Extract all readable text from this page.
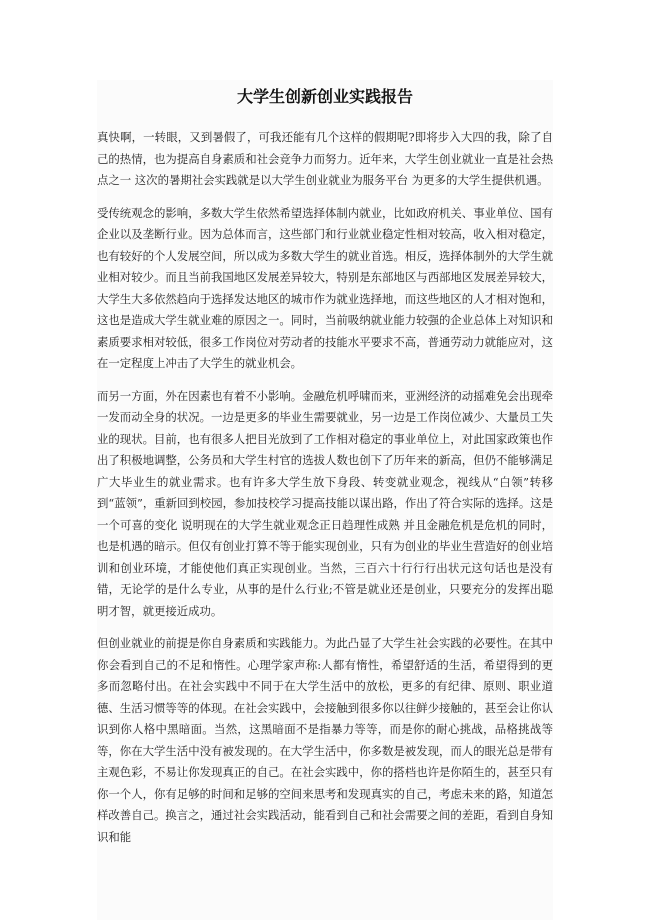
大学生创新创业实践报告

真快啊，一转眼，又到暑假了，可我还能有几个这样的假期呢?即将步入大四的我，除了自己的热情，也为提高自身素质和社会竞争力而努力。近年来，大学生创业就业一直是社会热点之一 这次的暑期社会实践就是以大学生创业就业为服务平台 为更多的大学生提供机遇。

受传统观念的影响，多数大学生依然希望选择体制内就业，比如政府机关、事业单位、国有企业以及垄断行业。因为总体而言，这些部门和行业就业稳定性相对较高，收入相对稳定，也有较好的个人发展空间，所以成为多数大学生的就业首选。相反，选择体制外的大学生就业相对较少。而且当前我国地区发展差异较大，特别是东部地区与西部地区发展差异较大，大学生大多依然趋向于选择发达地区的城市作为就业选择地，而这些地区的人才相对饱和，这也是造成大学生就业难的原因之一。同时，当前吸纳就业能力较强的企业总体上对知识和素质要求相对较低，很多工作岗位对劳动者的技能水平要求不高，普通劳动力就能应对，这在一定程度上冲击了大学生的就业机会。

而另一方面，外在因素也有着不小影响。金融危机呼啸而来，亚洲经济的动摇难免会出现牵一发而动全身的状况。一边是更多的毕业生需要就业，另一边是工作岗位减少、大量员工失业的现状。目前，也有很多人把目光放到了工作相对稳定的事业单位上，对此国家政策也作出了积极地调整，公务员和大学生村官的选拔人数也创下了历年来的新高，但仍不能够满足广大毕业生的就业需求。也有许多大学生放下身段、转变就业观念，视线从“白领”转移到“蓝领”，重新回到校园，参加技校学习提高技能以谋出路，作出了符合实际的选择。这是一个可喜的变化 说明现在的大学生就业观念正日趋理性成熟 并且金融危机是危机的同时，也是机遇的暗示。但仅有创业打算不等于能实现创业，只有为创业的毕业生营造好的创业培训和创业环境，才能使他们真正实现创业。当然，三百六十行行行出状元这句话也是没有错，无论学的是什么专业，从事的是什么行业;不管是就业还是创业，只要充分的发挥出聪明才智，就更接近成功。

但创业就业的前提是你自身素质和实践能力。为此凸显了大学生社会实践的必要性。在其中你会看到自己的不足和惰性。心理学家声称:人都有惰性，希望舒适的生活，希望得到的更多而忽略付出。在社会实践中不同于在大学生活中的放松，更多的有纪律、原则、职业道德、生活习惯等等的体现。在社会实践中，会接触到很多你以往鲜少接触的，甚至会让你认识到你人格中黑暗面。当然，这黑暗面不是指暴力等等，而是你的耐心挑战，品格挑战等等，你在大学生活中没有被发现的。在大学生活中，你多数是被发现，而人的眼光总是带有主观色彩，不易让你发现真正的自己。在社会实践中，你的搭档也许是你陌生的，甚至只有你一个人，你有足够的时间和足够的空间来思考和发现真实的自己，考虑未来的路，知道怎样改善自己。换言之，通过社会实践活动，能看到自己和社会需要之间的差距，看到自身知识和能
